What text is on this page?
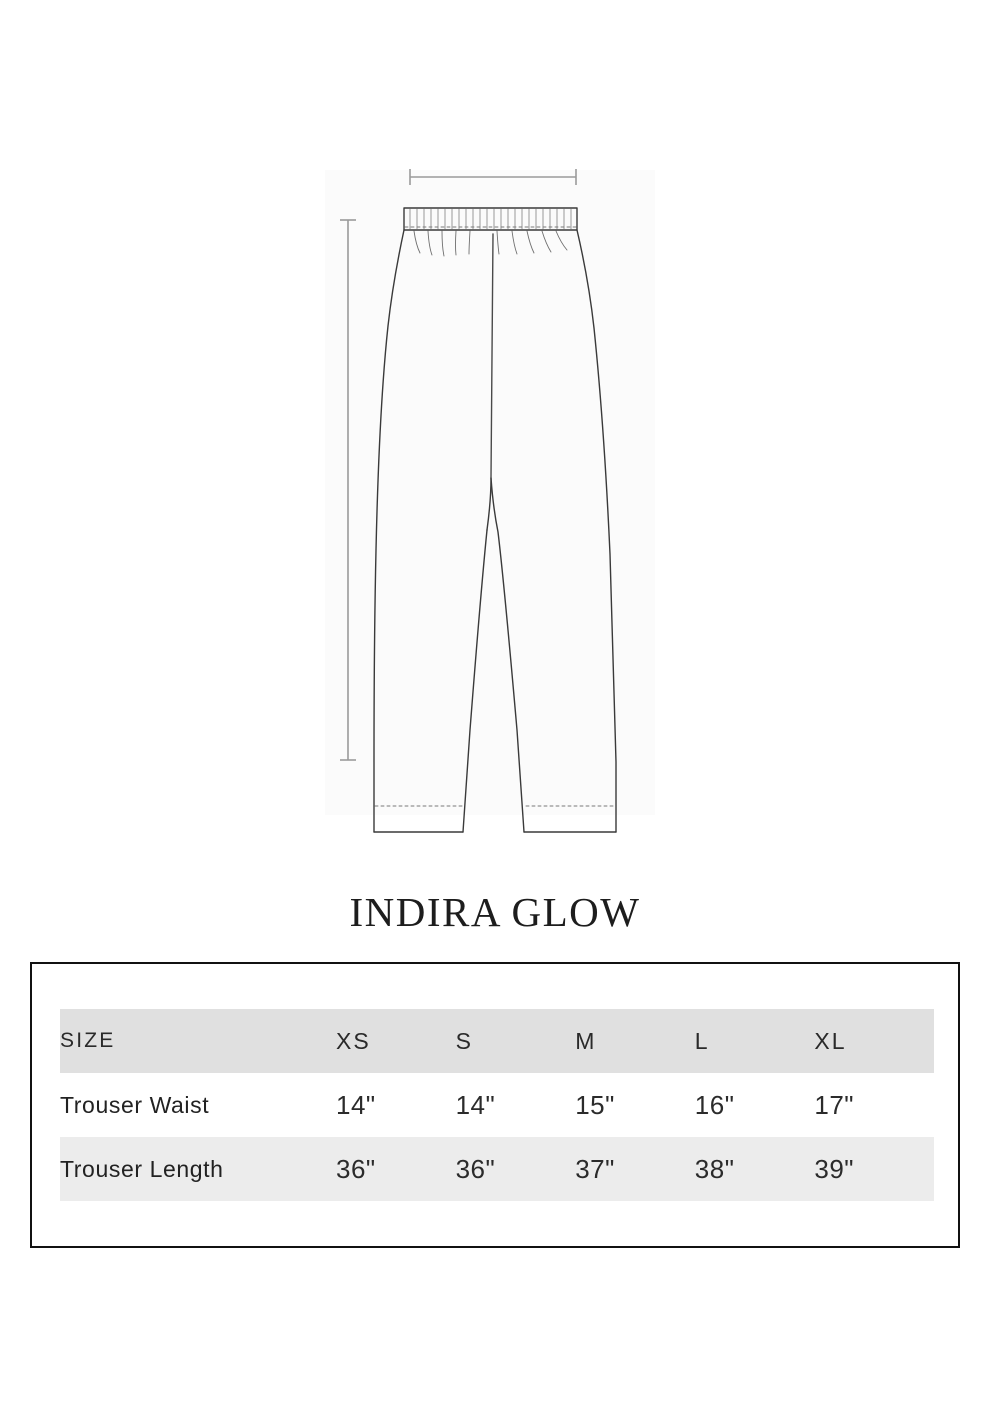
INDIRA GLOW
SIZE	XS	S	M	L	XL
Trouser Waist	14"	14"	15"	16"	17"
Trouser Length	36"	36"	37"	38"	39"
